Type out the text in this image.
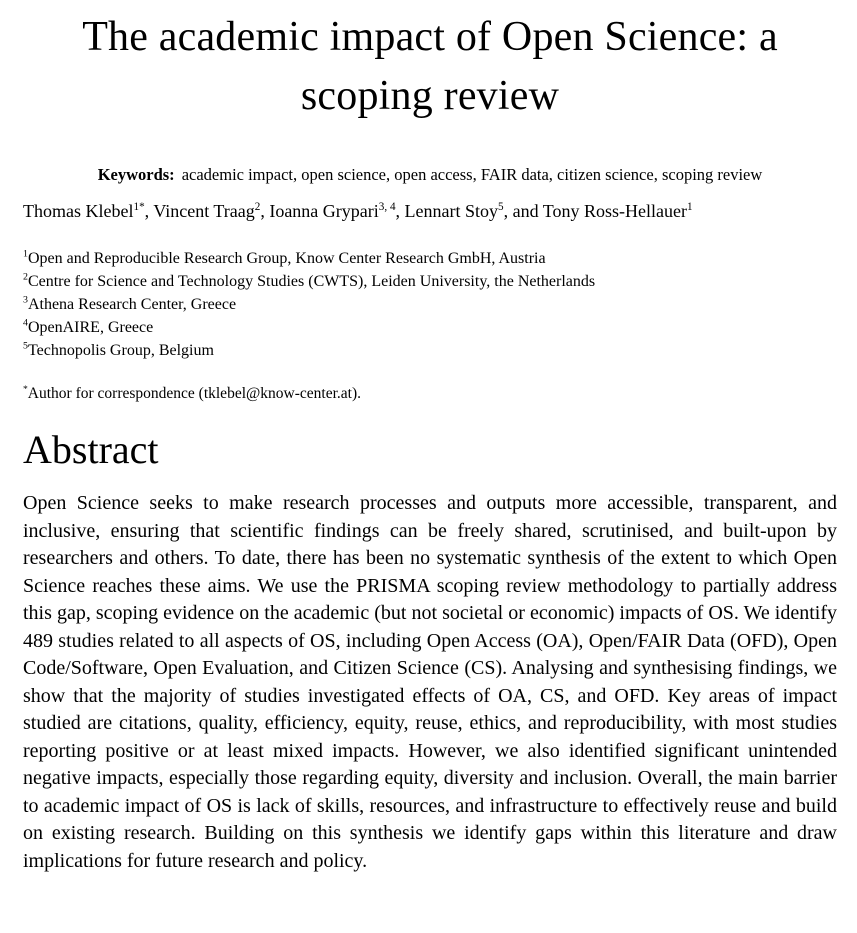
The academic impact of Open Science: a
scoping review

Keywords: academic impact, open science, open access, FAIR data, citizen science, scoping review

Thomas Klebel$^{1*}$, Vincent Traag$^2$, Ioanna Grypari$^{3, 4}$, Lennart Stoy$^5$, and Tony Ross-Hellauer$^1$

$^1$Open and Reproducible Research Group, Know Center Research GmbH, Austria

$^2$Centre for Science and Technology Studies (CWTS), Leiden University, the Netherlands

$^3$Athena Research Center, Greece

$^4$OpenAIRE, Greece

$^5$Technopolis Group, Belgium

*Author for correspondence (tklebel@know-center.at).

Abstract

Open Science seeks to make research processes and outputs more accessible, transparent, and inclusive, ensuring that scientific findings can be freely shared, scrutinised, and built-upon by researchers and others. To date, there has been no systematic synthesis of the extent to which Open Science reaches these aims. We use the PRISMA scoping review methodology to partially address this gap, scoping evidence on the academic (but not societal or economic) impacts of OS. We identify 489 studies related to all aspects of OS, including Open Access (OA), Open/FAIR Data (OFD), Open Code/Software, Open Evaluation, and Citizen Science (CS). Analysing and synthesising findings, we show that the majority of studies investigated effects of OA, CS, and OFD. Key areas of impact studied are citations, quality, efficiency, equity, reuse, ethics, and reproducibility, with most studies reporting positive or at least mixed impacts. However, we also identified significant unintended negative impacts, especially those regarding equity, diversity and inclusion. Overall, the main barrier to academic impact of OS is lack of skills, resources, and infrastructure to effectively reuse and build on existing research. Building on this synthesis we identify gaps within this literature and draw implications for future research and policy.
